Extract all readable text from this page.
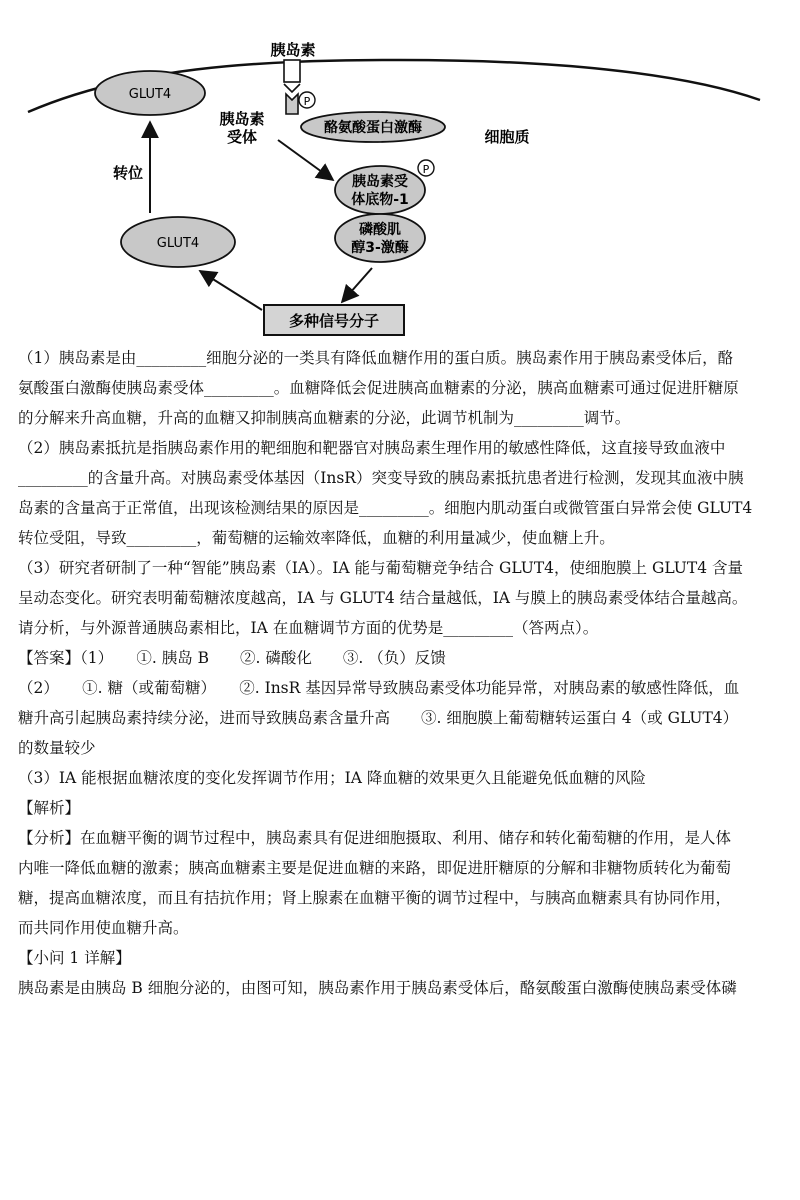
胰岛素
P
GLUT4
胰岛素
受体	酪氨酸蛋白激酶	细胞质
转位	胰岛素受
体底物-1
P
磷酸肌
醇3-激酶
GLUT4
多种信号分子

（1）胰岛素是由_________细胞分泌的一类具有降低血糖作用的蛋白质。胰岛素作用于胰岛素受体后，酪

氨酸蛋白激酶使胰岛素受体_________。血糖降低会促进胰高血糖素的分泌，胰高血糖素可通过促进肝糖原

的分解来升高血糖，升高的血糖又抑制胰高血糖素的分泌，此调节机制为_________调节。

（2）胰岛素抵抗是指胰岛素作用的靶细胞和靶器官对胰岛素生理作用的敏感性降低，这直接导致血液中

_________的含量升高。对胰岛素受体基因（InsR）突变导致的胰岛素抵抗患者进行检测，发现其血液中胰

岛素的含量高于正常值，出现该检测结果的原因是_________。细胞内肌动蛋白或微管蛋白异常会使 GLUT4

转位受阻，导致_________，葡萄糖的运输效率降低，血糖的利用量减少，使血糖上升。

（3）研究者研制了一种“智能”胰岛素（IA）。IA 能与葡萄糖竞争结合 GLUT4，使细胞膜上 GLUT4 含量

呈动态变化。研究表明葡萄糖浓度越高，IA 与 GLUT4 结合量越低，IA 与膜上的胰岛素受体结合量越高。

请分析，与外源普通胰岛素相比，IA 在血糖调节方面的优势是_________（答两点）。

【答案】（1）　　①. 胰岛 B　　②. 磷酸化　　③. （负）反馈

（2）　　①. 糖（或葡萄糖）　　②. InsR 基因异常导致胰岛素受体功能异常，对胰岛素的敏感性降低，血

糖升高引起胰岛素持续分泌，进而导致胰岛素含量升高　　③. 细胞膜上葡萄糖转运蛋白 4（或 GLUT4）

的数量较少

（3）IA 能根据血糖浓度的变化发挥调节作用；IA 降血糖的效果更久且能避免低血糖的风险

【解析】

【分析】在血糖平衡的调节过程中，胰岛素具有促进细胞摄取、利用、储存和转化葡萄糖的作用，是人体

内唯一降低血糖的激素；胰高血糖素主要是促进血糖的来路，即促进肝糖原的分解和非糖物质转化为葡萄

糖，提高血糖浓度，而且有拮抗作用；肾上腺素在血糖平衡的调节过程中，与胰高血糖素具有协同作用，

而共同作用使血糖升高。

【小问 1 详解】

胰岛素是由胰岛 B 细胞分泌的，由图可知，胰岛素作用于胰岛素受体后，酪氨酸蛋白激酶使胰岛素受体磷
